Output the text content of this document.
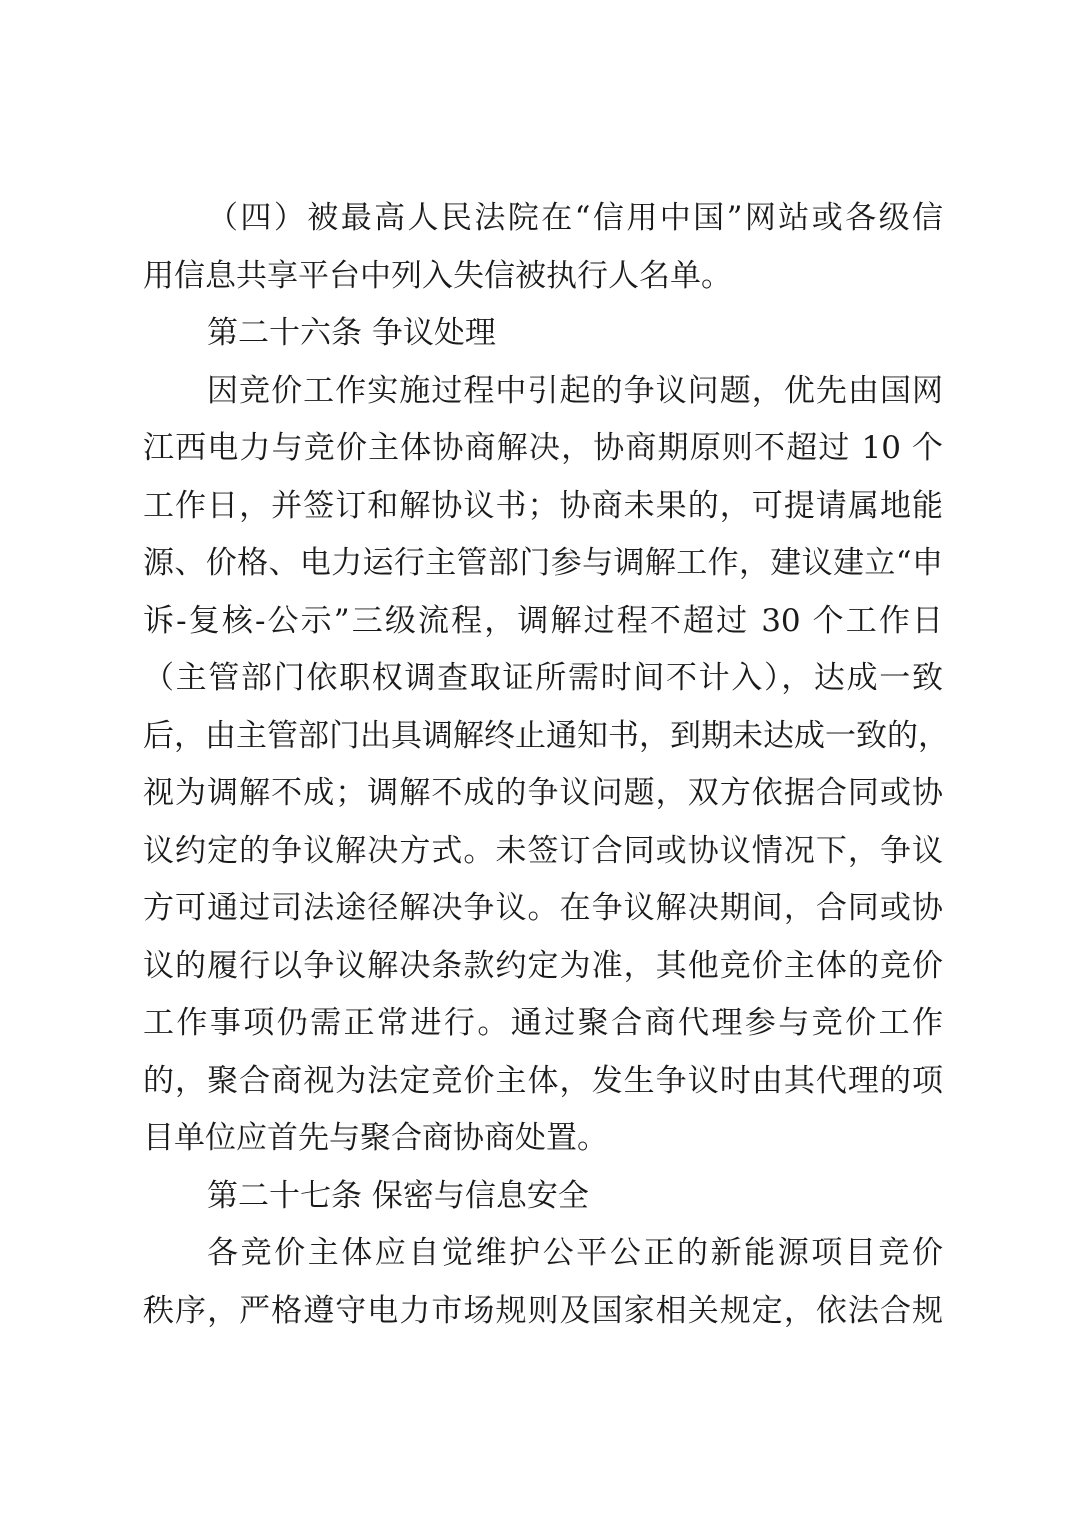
（四）被最高人民法院在“信用中国”网站或各级信
用信息共享平台中列入失信被执行人名单。
第二十六条 争议处理
因竞价工作实施过程中引起的争议问题，优先由国网
江西电力与竞价主体协商解决，协商期原则不超过 10 个
工作日，并签订和解协议书；协商未果的，可提请属地能
源、价格、电力运行主管部门参与调解工作，建议建立“申
诉-复核-公示”三级流程，调解过程不超过 30 个工作日
（主管部门依职权调查取证所需时间不计入），达成一致
后，由主管部门出具调解终止通知书，到期未达成一致的，
视为调解不成；调解不成的争议问题，双方依据合同或协
议约定的争议解决方式。未签订合同或协议情况下，争议
方可通过司法途径解决争议。在争议解决期间，合同或协
议的履行以争议解决条款约定为准，其他竞价主体的竞价
工作事项仍需正常进行。通过聚合商代理参与竞价工作
的，聚合商视为法定竞价主体，发生争议时由其代理的项
目单位应首先与聚合商协商处置。
第二十七条 保密与信息安全
各竞价主体应自觉维护公平公正的新能源项目竞价
秩序，严格遵守电力市场规则及国家相关规定，依法合规
